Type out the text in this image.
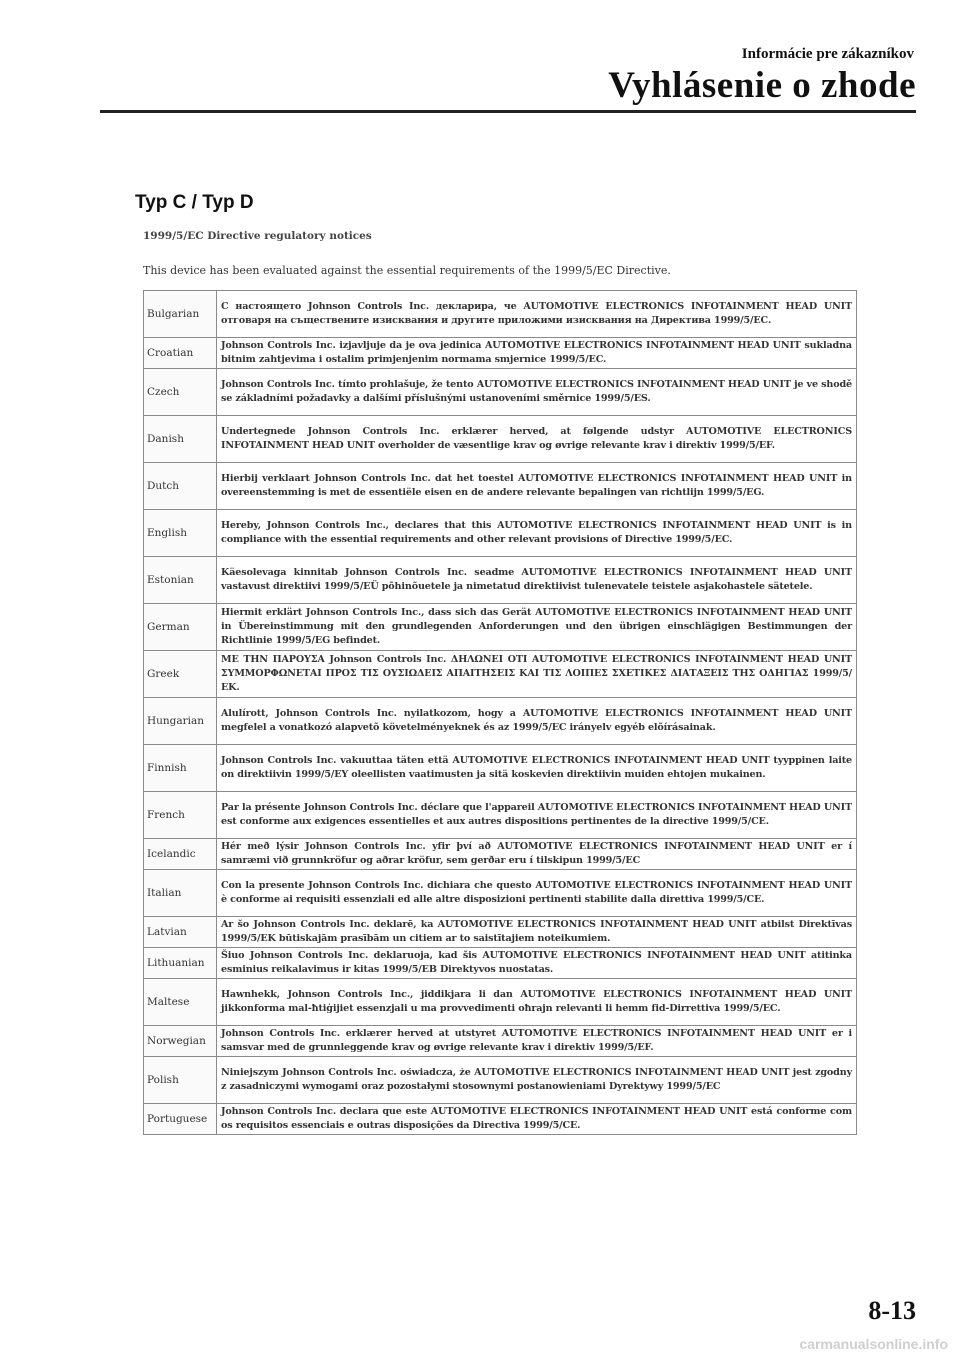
Informácie pre zákazníkov
Vyhlásenie o zhode
Typ C / Typ D
1999/5/EC Directive regulatory notices
This device has been evaluated against the essential requirements of the 1999/5/EC Directive.
Bulgarian	С настоящето Johnson Controls Inc. декларира, че AUTOMOTIVE ELECTRONICS INFOTAINMENT HEAD UNIT отговаря на съществените изисквания и другите приложими изисквания на Директива 1999/5/ЕС.
Croatian	Johnson Controls Inc. izjavljuje da je ova jedinica AUTOMOTIVE ELECTRONICS INFOTAINMENT HEAD UNIT sukladna bitnim zahtjevima i ostalim primjenjenim normama smjernice 1999/5/EC.
Czech	Johnson Controls Inc. tímto prohlašuje, že tento AUTOMOTIVE ELECTRONICS INFOTAINMENT HEAD UNIT je ve shodě se základními požadavky a dalšími příslušnými ustanoveními směrnice 1999/5/ES.
Danish	Undertegnede Johnson Controls Inc. erklærer herved, at følgende udstyr AUTOMOTIVE ELECTRONICS INFOTAINMENT HEAD UNIT overholder de væsentlige krav og øvrige relevante krav i direktiv 1999/5/EF.
Dutch	Hierbij verklaart Johnson Controls Inc. dat het toestel AUTOMOTIVE ELECTRONICS INFOTAINMENT HEAD UNIT in overeenstemming is met de essentiële eisen en de andere relevante bepalingen van richtlijn 1999/5/EG.
English	Hereby, Johnson Controls Inc., declares that this AUTOMOTIVE ELECTRONICS INFOTAINMENT HEAD UNIT is in compliance with the essential requirements and other relevant provisions of Directive 1999/5/EC.
Estonian	Käesolevaga kinnitab Johnson Controls Inc. seadme AUTOMOTIVE ELECTRONICS INFOTAINMENT HEAD UNIT vastavust direktiivi 1999/5/EÜ põhinõuetele ja nimetatud direktiivist tulenevatele teistele asjakohastele sätetele.
German	Hiermit erklärt Johnson Controls Inc., dass sich das Gerät AUTOMOTIVE ELECTRONICS INFOTAINMENT HEAD UNIT in Übereinstimmung mit den grundlegenden Anforderungen und den übrigen einschlägigen Bestimmungen der Richtlinie 1999/5/EG befindet.
Greek	ΜΕ ΤΗΝ ΠΑΡΟΥΣΑ Johnson Controls Inc. ΔΗΛΩΝΕΙ ΟΤΙ AUTOMOTIVE ELECTRONICS INFOTAINMENT HEAD UNIT ΣΥΜΜΟΡΦΩΝΕΤΑΙ ΠΡΟΣ ΤΙΣ ΟΥΣΙΩΔΕΙΣ ΑΠΑΙΤΗΣΕΙΣ ΚΑΙ ΤΙΣ ΛΟΙΠΕΣ ΣΧΕΤΙΚΕΣ ΔΙΑΤΑΞΕΙΣ ΤΗΣ ΟΔΗΓΙΑΣ 1999/5/ΕΚ.
Hungarian	Alulírott, Johnson Controls Inc. nyilatkozom, hogy a AUTOMOTIVE ELECTRONICS INFOTAINMENT HEAD UNIT megfelel a vonatkozó alapvetõ követelményeknek és az 1999/5/EC irányelv egyéb elõírásainak.
Finnish	Johnson Controls Inc. vakuuttaa täten että AUTOMOTIVE ELECTRONICS INFOTAINMENT HEAD UNIT tyyppinen laite on direktiivin 1999/5/EY oleellisten vaatimusten ja sitä koskevien direktiivin muiden ehtojen mukainen.
French	Par la présente Johnson Controls Inc. déclare que l'appareil AUTOMOTIVE ELECTRONICS INFOTAINMENT HEAD UNIT est conforme aux exigences essentielles et aux autres dispositions pertinentes de la directive 1999/5/CE.
Icelandic	Hér með lýsir Johnson Controls Inc. yfir því að AUTOMOTIVE ELECTRONICS INFOTAINMENT HEAD UNIT er í samræmi við grunnkröfur og aðrar kröfur, sem gerðar eru í tilskipun 1999/5/EC
Italian	Con la presente Johnson Controls Inc. dichiara che questo AUTOMOTIVE ELECTRONICS INFOTAINMENT HEAD UNIT è conforme ai requisiti essenziali ed alle altre disposizioni pertinenti stabilite dalla direttiva 1999/5/CE.
Latvian	Ar šo Johnson Controls Inc. deklarē, ka AUTOMOTIVE ELECTRONICS INFOTAINMENT HEAD UNIT atbilst Direktīvas 1999/5/EK būtiskajām prasībām un citiem ar to saistītajiem noteikumiem.
Lithuanian	Šiuo Johnson Controls Inc. deklaruoja, kad šis AUTOMOTIVE ELECTRONICS INFOTAINMENT HEAD UNIT atitinka esminius reikalavimus ir kitas 1999/5/EB Direktyvos nuostatas.
Maltese	Hawnhekk, Johnson Controls Inc., jiddikjara li dan AUTOMOTIVE ELECTRONICS INFOTAINMENT HEAD UNIT jikkonforma mal-ħtiġijiet essenzjali u ma provvedimenti oħrajn relevanti li hemm fid-Dirrettiva 1999/5/EC.
Norwegian	Johnson Controls Inc. erklærer herved at utstyret AUTOMOTIVE ELECTRONICS INFOTAINMENT HEAD UNIT er i samsvar med de grunnleggende krav og øvrige relevante krav i direktiv 1999/5/EF.
Polish	Niniejszym Johnson Controls Inc. oświadcza, że AUTOMOTIVE ELECTRONICS INFOTAINMENT HEAD UNIT jest zgodny z zasadniczymi wymogami oraz pozostałymi stosownymi postanowieniami Dyrektywy 1999/5/EC
Portuguese	Johnson Controls Inc. declara que este AUTOMOTIVE ELECTRONICS INFOTAINMENT HEAD UNIT está conforme com os requisitos essenciais e outras disposições da Directiva 1999/5/CE.
8-13
carmanualsonline.info
